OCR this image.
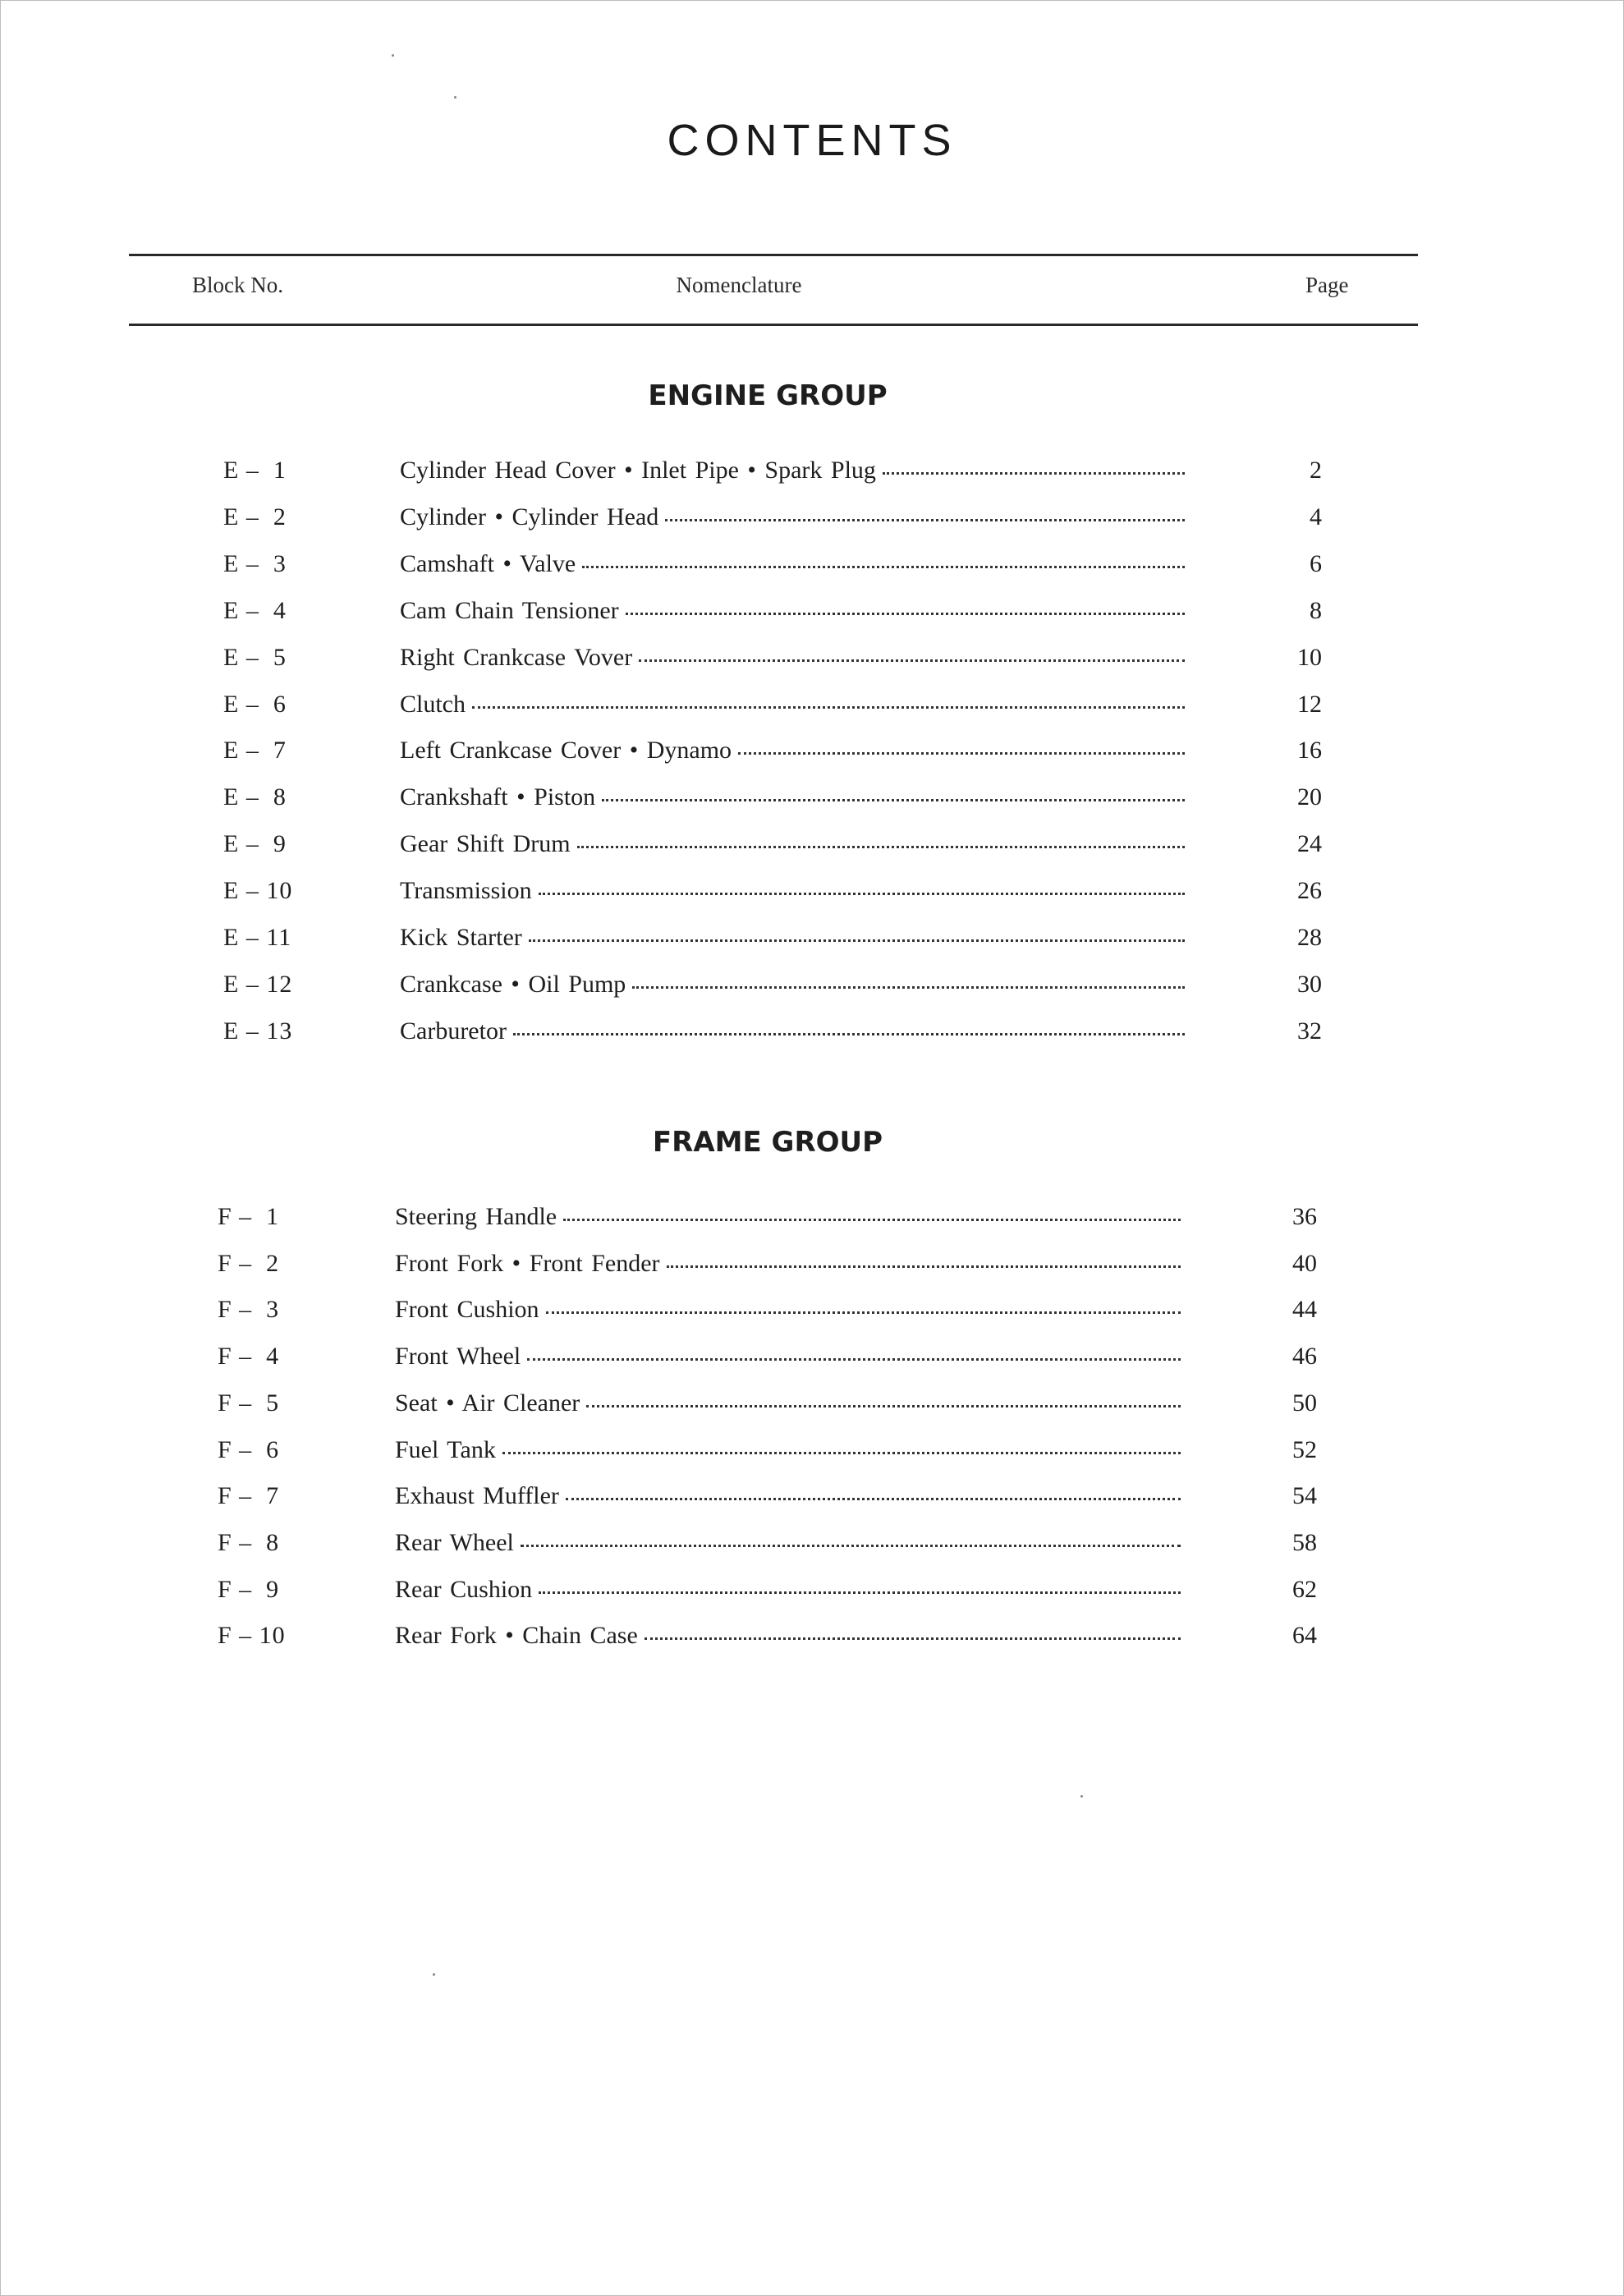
CONTENTS
Block No.	Nomenclature	Page
ENGINE GROUP
FRAME GROUP
E –  1	Cylinder Head Cover • Inlet Pipe • Spark Plug	2
E –  2	Cylinder • Cylinder Head	4
E –  3	Camshaft • Valve	6
E –  4	Cam Chain Tensioner	8
E –  5	Right Crankcase Vover	10
E –  6	Clutch	12
E –  7	Left Crankcase Cover • Dynamo	16
E –  8	Crankshaft • Piston	20
E –  9	Gear Shift Drum	24
E – 10	Transmission	26
E – 11	Kick Starter	28
E – 12	Crankcase • Oil Pump	30
E – 13	Carburetor	32
F –  1	Steering Handle	36
F –  2	Front Fork • Front Fender	40
F –  3	Front Cushion	44
F –  4	Front Wheel	46
F –  5	Seat • Air Cleaner	50
F –  6	Fuel Tank	52
F –  7	Exhaust Muffler	54
F –  8	Rear Wheel	58
F –  9	Rear Cushion	62
F – 10	Rear Fork • Chain Case	64
